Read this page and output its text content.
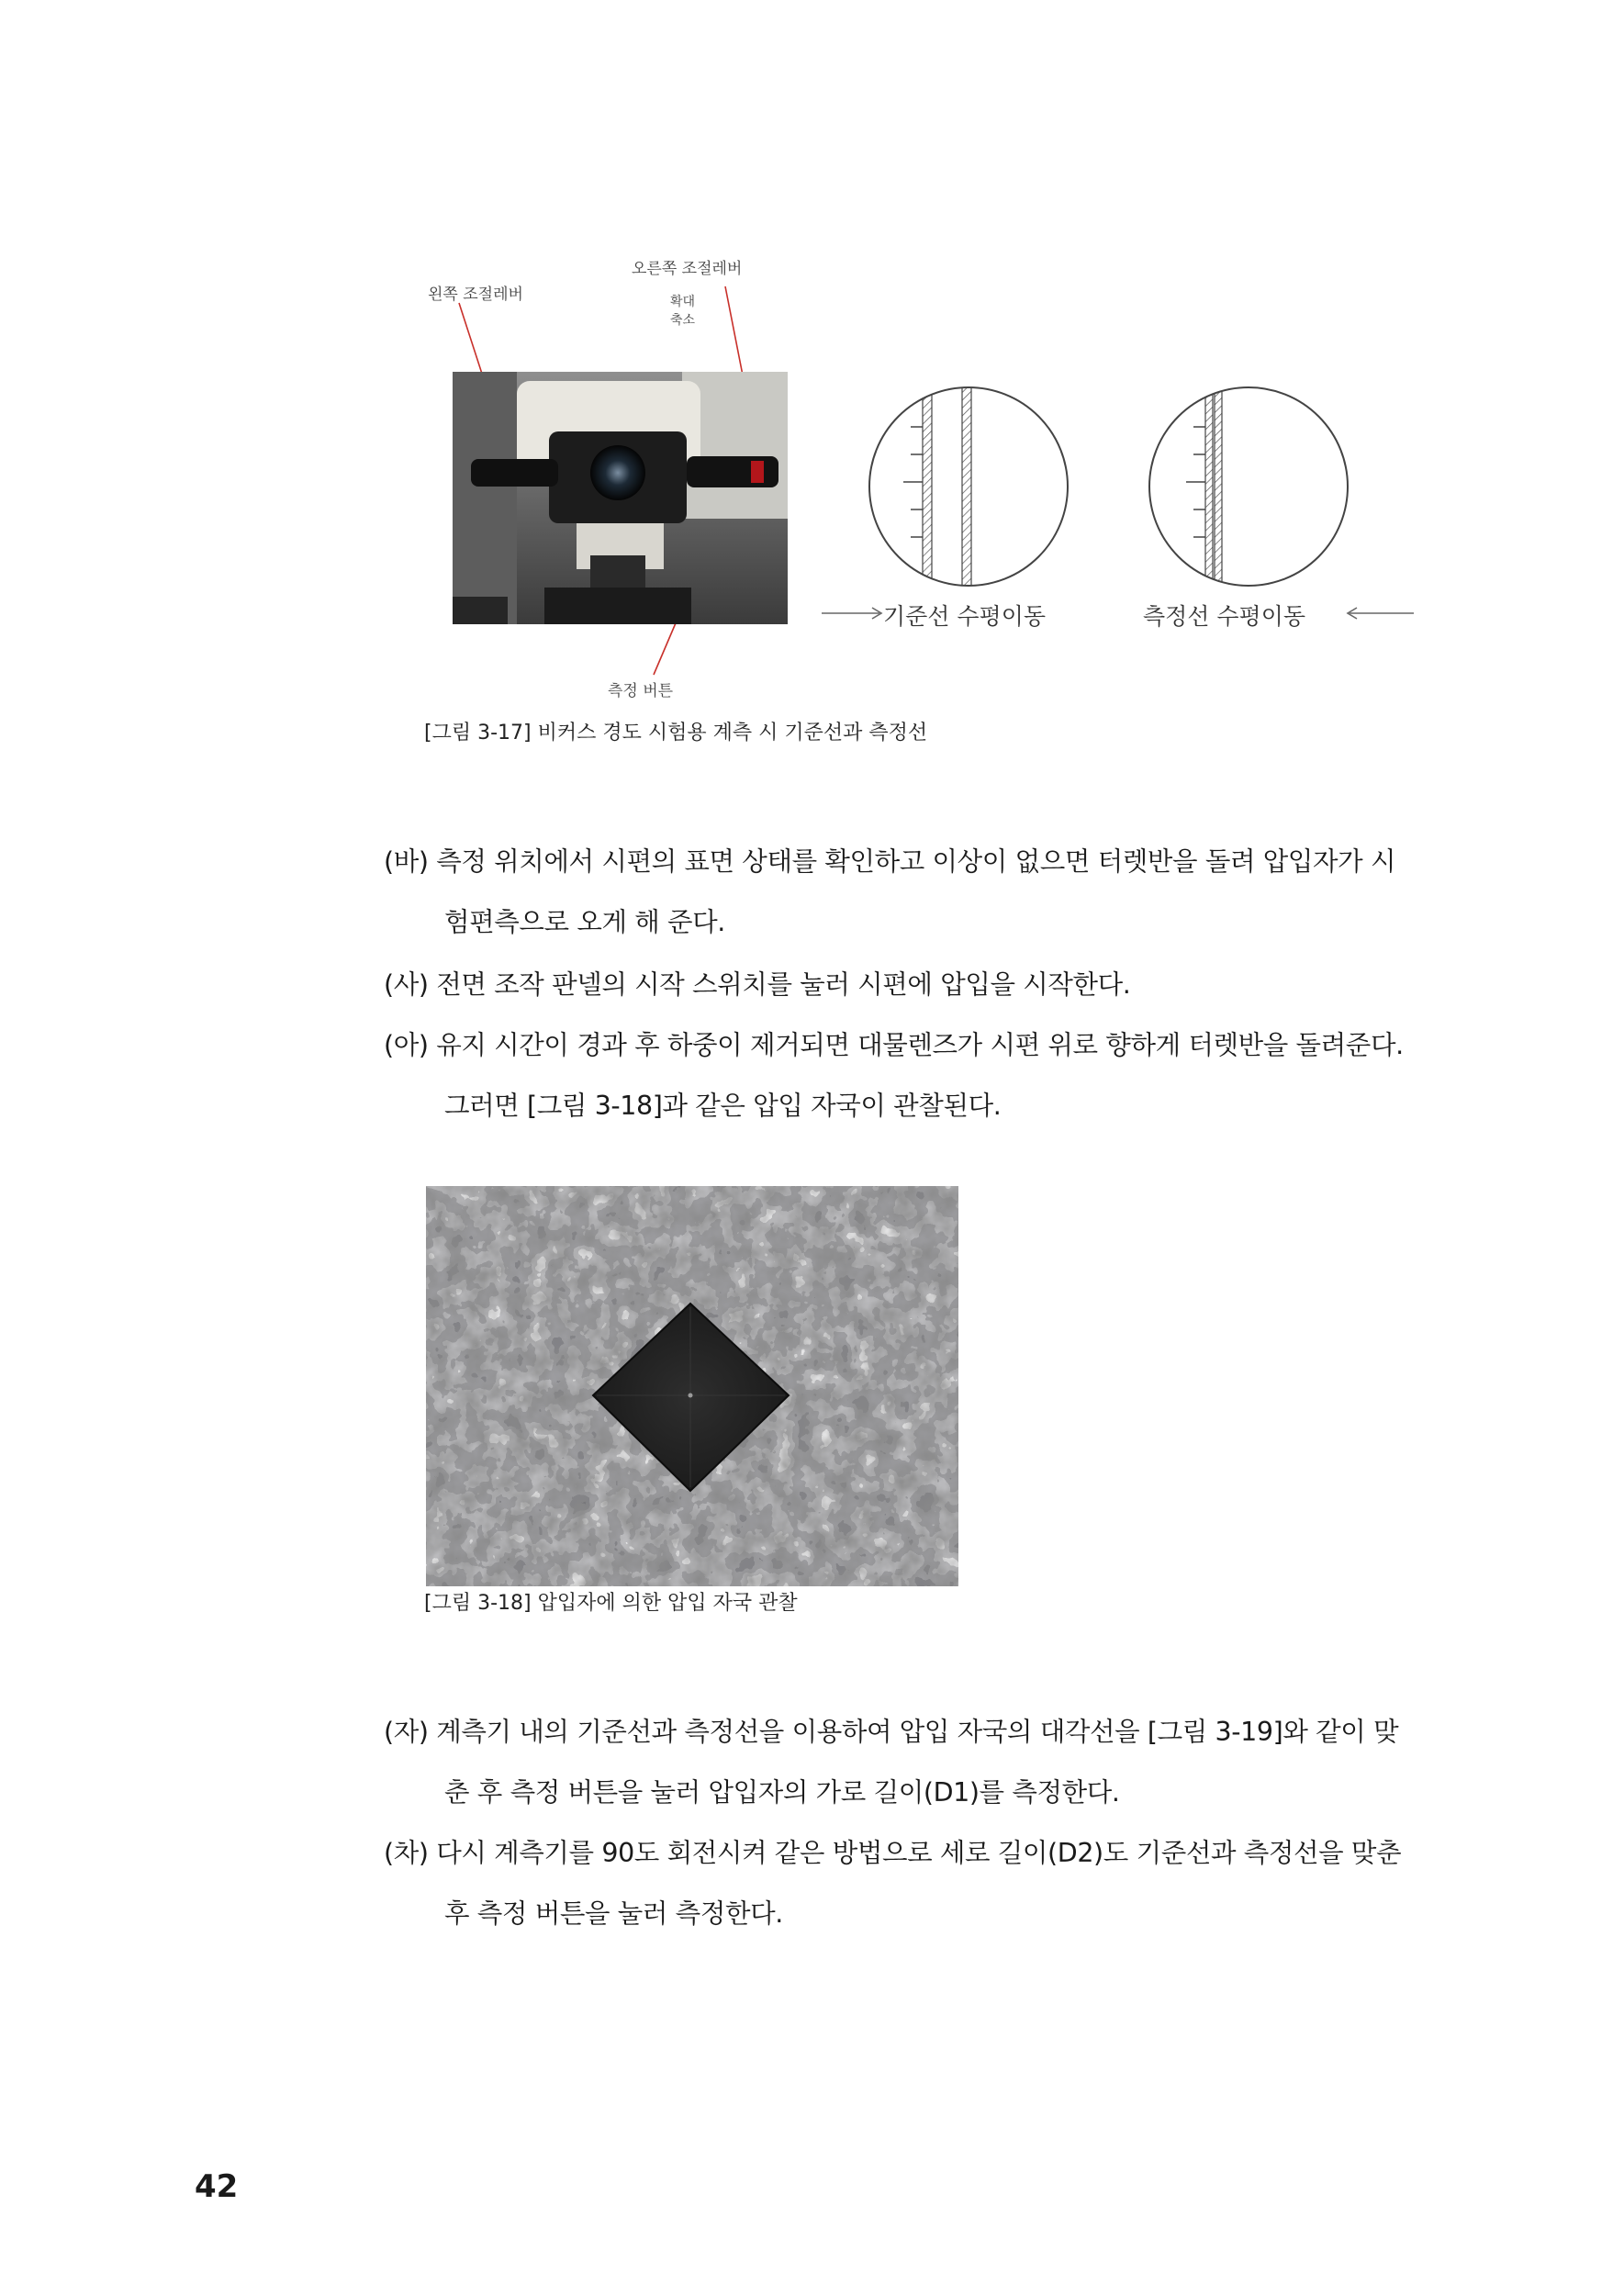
왼쪽 조절레버
오른쪽 조절레버
확대
축소
측정 버튼
기준선 수평이동	측정선 수평이동
[그림 3-17] 비커스 경도 시험용 계측 시 기준선과 측정선
(바) 측정 위치에서 시편의 표면 상태를 확인하고 이상이 없으면 터렛반을 돌려 압입자가 시
험편측으로 오게 해 준다.
(사) 전면 조작 판넬의 시작 스위치를 눌러 시편에 압입을 시작한다.
(아) 유지 시간이 경과 후 하중이 제거되면 대물렌즈가 시편 위로 향하게 터렛반을 돌려준다.
그러면 [그림 3-18]과 같은 압입 자국이 관찰된다.
[그림 3-18] 압입자에 의한 압입 자국 관찰
(자) 계측기 내의 기준선과 측정선을 이용하여 압입 자국의 대각선을 [그림 3-19]와 같이 맞
춘 후 측정 버튼을 눌러 압입자의 가로 길이(D1)를 측정한다.
(차) 다시 계측기를 90도 회전시켜 같은 방법으로 세로 길이(D2)도 기준선과 측정선을 맞춘
후 측정 버튼을 눌러 측정한다.
42
